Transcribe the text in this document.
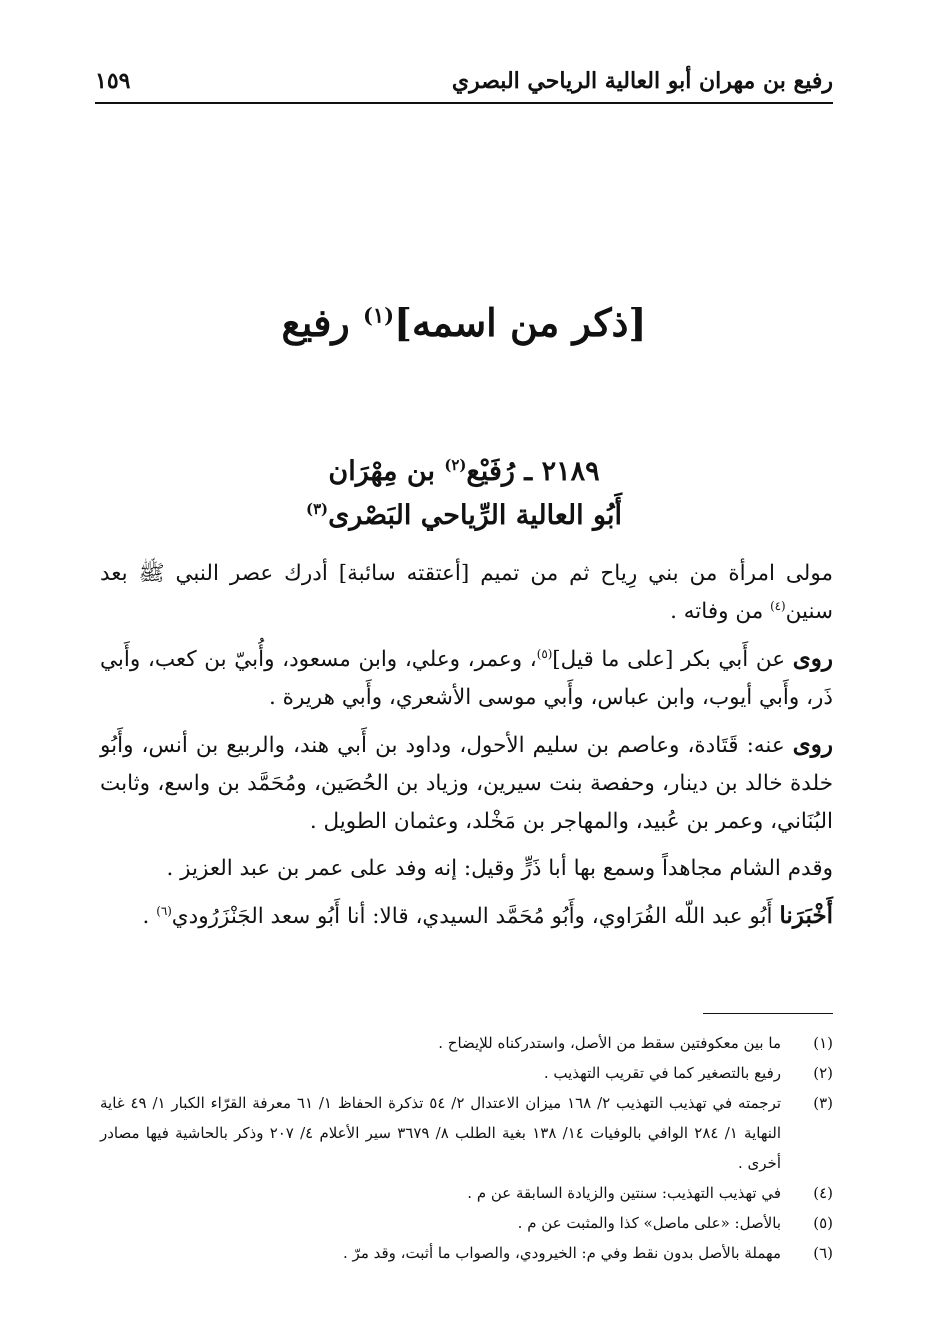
رفيع بن مهران أبو العالية الرياحي البصري
١٥٩
[ذكر من اسمه]$^{(١)}$ رفيع
٢١٨٩ ـ رُفَيْع$^{(٢)}$ بن مِهْرَان
أَبُو العالية الرِّياحي البَصْرى$^{(٣)}$

مولى امرأة من بني رِياح ثم من تميم [أعتقته سائبة] أدرك عصر النبي ﷺ بعد سنين$^{(٤)}$ من وفاته .

روى عن أَبي بكر [على ما قيل]$^{(٥)}$، وعمر، وعلي، وابن مسعود، وأُبيّ بن كعب، وأَبي ذَر، وأَبي أيوب، وابن عباس، وأَبي موسى الأشعري، وأَبي هريرة .

روى عنه: قَتَادة، وعاصم بن سليم الأحول، وداود بن أَبي هند، والربيع بن أنس، وأَبُو خلدة خالد بن دينار، وحفصة بنت سيرين، وزياد بن الحُصَين، ومُحَمَّد بن واسع، وثابت البُنَاني، وعمر بن عُبيد، والمهاجر بن مَخْلد، وعثمان الطويل .

وقدم الشام مجاهداً وسمع بها أبا ذَرٍّ وقيل: إنه وفد على عمر بن عبد العزيز .

أَخْبَرَنا أَبُو عبد اللّه الفُرَاوي، وأَبُو مُحَمَّد السيدي، قالا: أنا أَبُو سعد الجَنْزَرُودي$^{(٦)}$ .

(١)
ما بين معكوفتين سقط من الأصل، واستدركناه للإيضاح .
(٢)
رفيع بالتصغير كما في تقريب التهذيب .
(٣)
ترجمته في تهذيب التهذيب ٢/ ١٦٨ ميزان الاعتدال ٢/ ٥٤ تذكرة الحفاظ ١/ ٦١ معرفة القرّاء الكبار ١/ ٤٩ غاية النهاية ١/ ٢٨٤ الوافي بالوفيات ١٤/ ١٣٨ بغية الطلب ٨/ ٣٦٧٩ سير الأعلام ٤/ ٢٠٧ وذكر بالحاشية فيها مصادر أخرى .
(٤)
في تهذيب التهذيب: سنتين والزيادة السابقة عن م .
(٥)
بالأصل: «على ماصل» كذا والمثبت عن م .
(٦)
مهملة بالأصل بدون نقط وفي م: الخيرودي، والصواب ما أثبت، وقد مرّ .
